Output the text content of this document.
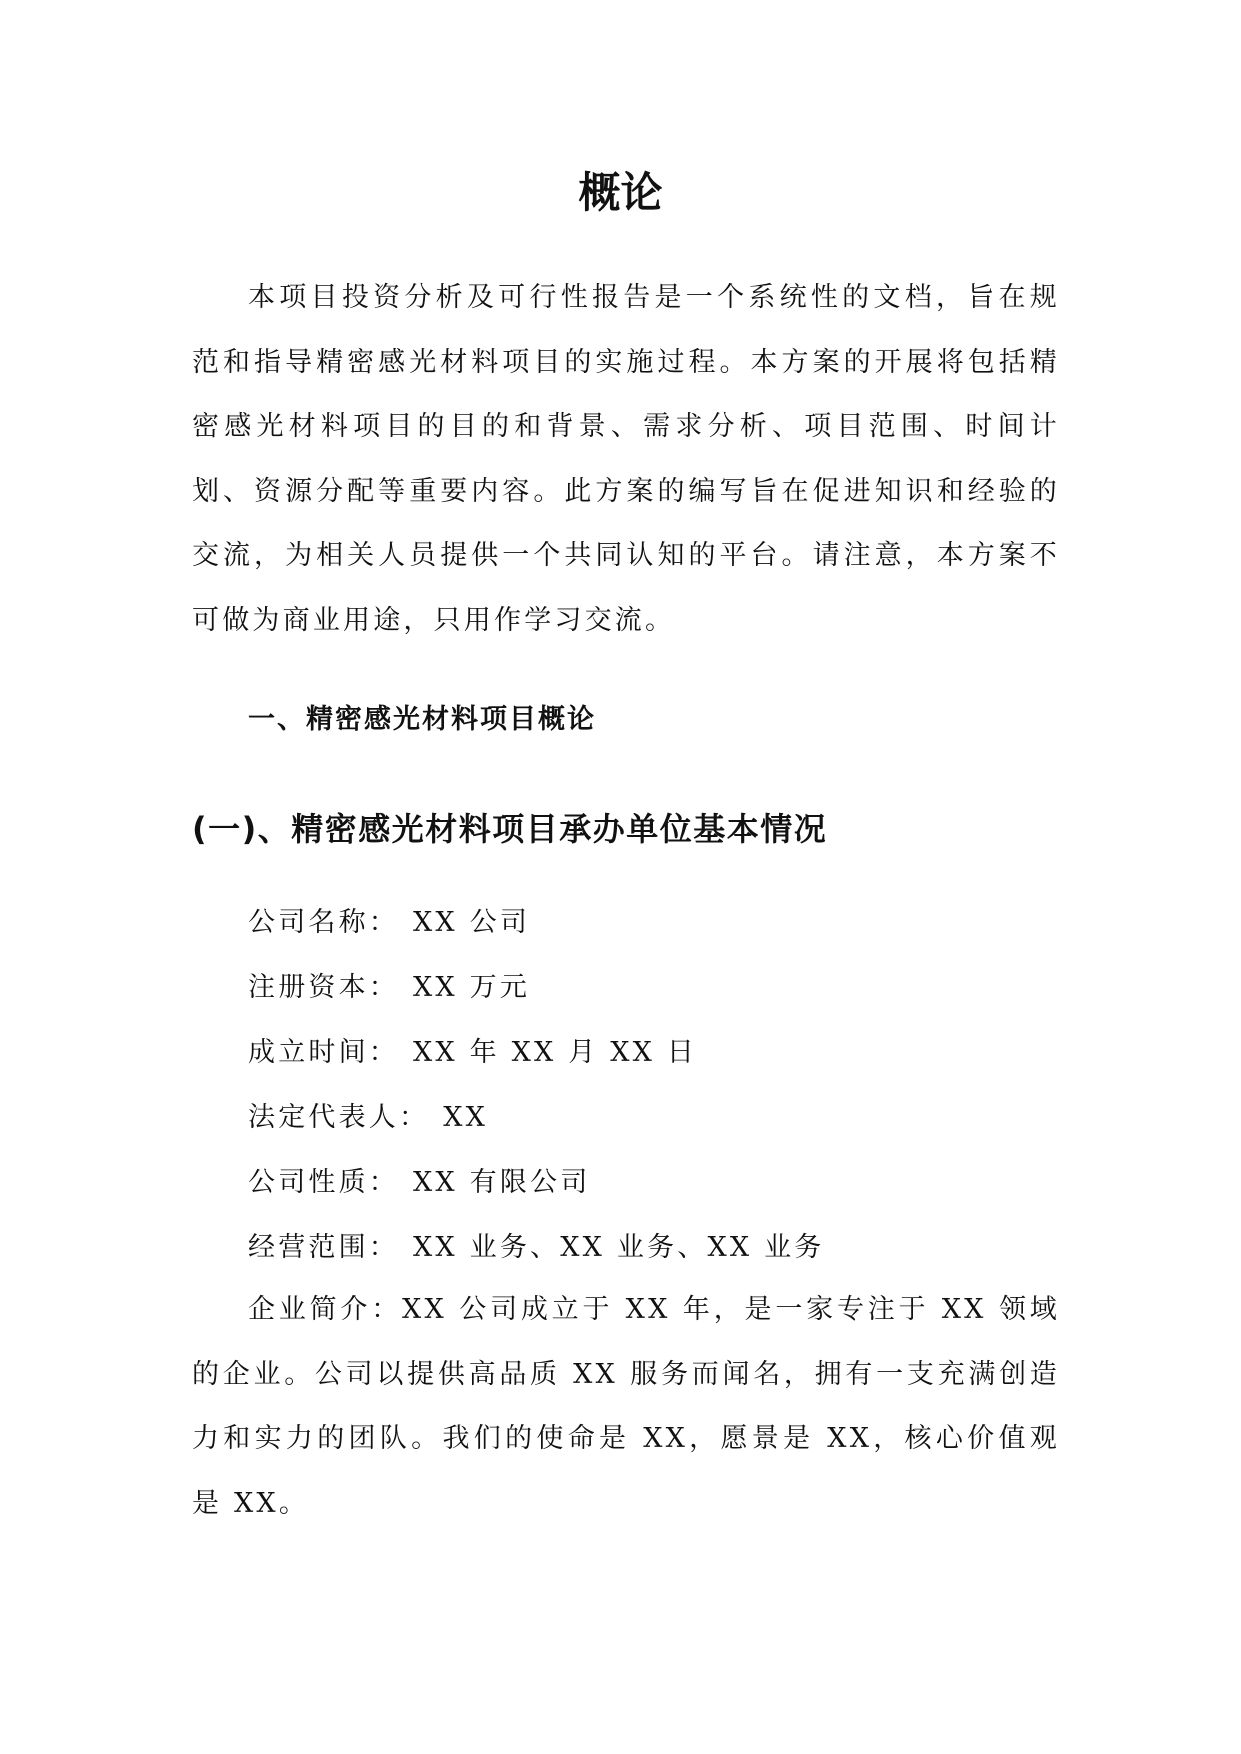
概论

本项目投资分析及可行性报告是一个系统性的文档，旨在规范和指导精密感光材料项目的实施过程。本方案的开展将包括精密感光材料项目的目的和背景、需求分析、项目范围、时间计划、资源分配等重要内容。此方案的编写旨在促进知识和经验的交流，为相关人员提供一个共同认知的平台。请注意，本方案不可做为商业用途，只用作学习交流。

一、精密感光材料项目概论
(一)、精密感光材料项目承办单位基本情况
公司名称： XX 公司
注册资本： XX 万元
成立时间： XX 年 XX 月 XX 日
法定代表人： XX
公司性质： XX 有限公司
经营范围： XX 业务、XX 业务、XX 业务

企业简介：XX 公司成立于 XX 年，是一家专注于 XX 领域的企业。公司以提供高品质 XX 服务而闻名，拥有一支充满创造力和实力的团队。我们的使命是 XX，愿景是 XX，核心价值观是 XX。
